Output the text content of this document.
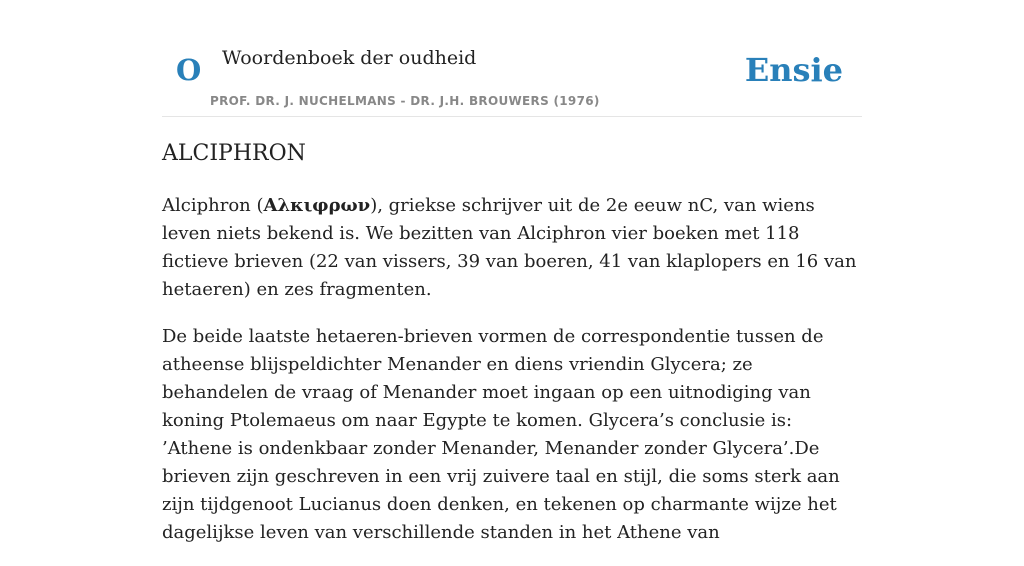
O Woordenboek der oudheid
PROF. DR. J. NUCHELMANS - DR. J.H. BROUWERS (1976)
Ensie
ALCIPHRON

Alciphron (Αλκιφρων), griekse schrijver uit de 2e eeuw nC, van wiens leven niets bekend is. We bezitten van Alciphron vier boeken met 118 fictieve brieven (22 van vissers, 39 van boeren, 41 van klaplopers en 16 van hetaeren) en zes fragmenten.

De beide laatste hetaeren-brieven vormen de correspondentie tussen de atheense blijspeldichter Menander en diens vriendin Glycera; ze behandelen de vraag of Menander moet ingaan op een uitnodiging van koning Ptolemaeus om naar Egypte te komen. Glycera’s conclusie is: ’Athene is ondenkbaar zonder Menander, Menander zonder Glycera’.De brieven zijn geschreven in een vrij zuivere taal en stijl, die soms sterk aan zijn tijdgenoot Lucianus doen denken, en tekenen op charmante wijze het dagelijkse leven van verschillende standen in het Athene van
